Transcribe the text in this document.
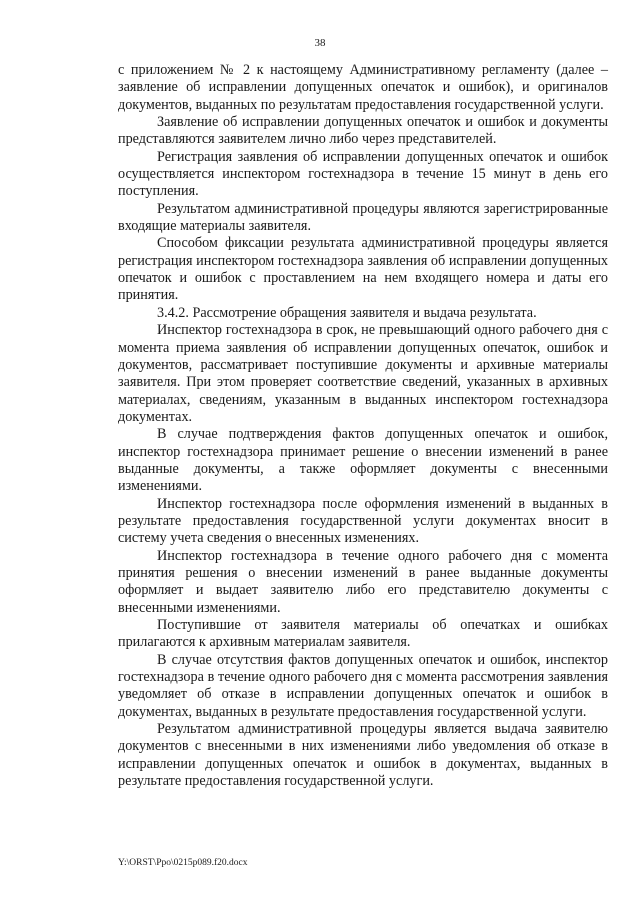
38

с приложением № 2 к настоящему Административному регламенту (далее – заявление об исправлении допущенных опечаток и ошибок), и оригиналов документов, выданных по результатам предоставления государственной услуги.

Заявление об исправлении допущенных опечаток и ошибок и документы представляются заявителем лично либо через представителей.

Регистрация заявления об исправлении допущенных опечаток и ошибок осуществляется инспектором гостехнадзора в течение 15 минут в день его поступления.

Результатом административной процедуры являются зарегистрированные входящие материалы заявителя.

Способом фиксации результата административной процедуры является регистрация инспектором гостехнадзора заявления об исправлении допущенных опечаток и ошибок с проставлением на нем входящего номера и даты его принятия.

3.4.2. Рассмотрение обращения заявителя и выдача результата.

Инспектор гостехнадзора в срок, не превышающий одного рабочего дня с момента приема заявления об исправлении допущенных опечаток, ошибок и документов, рассматривает поступившие документы и архивные материалы заявителя. При этом проверяет соответствие сведений, указанных в архивных материалах, сведениям, указанным в выданных инспектором гостехнадзора документах.

В случае подтверждения фактов допущенных опечаток и ошибок, инспектор гостехнадзора принимает решение о внесении изменений в ранее выданные документы, а также оформляет документы с внесенными изменениями.

Инспектор гостехнадзора после оформления изменений в выданных в результате предоставления государственной услуги документах вносит в систему учета сведения о внесенных изменениях.

Инспектор гостехнадзора в течение одного рабочего дня с момента принятия решения о внесении изменений в ранее выданные документы оформляет и выдает заявителю либо его представителю документы с внесенными изменениями.

Поступившие от заявителя материалы об опечатках и ошибках прилагаются к архивным материалам заявителя.

В случае отсутствия фактов допущенных опечаток и ошибок, инспектор гостехнадзора в течение одного рабочего дня с момента рассмотрения заявления уведомляет об отказе в исправлении допущенных опечаток и ошибок в документах, выданных в результате предоставления государственной услуги.

Результатом административной процедуры является выдача заявителю документов с внесенными в них изменениями либо уведомления об отказе в исправлении допущенных опечаток и ошибок в документах, выданных в результате предоставления государственной услуги.

Y:\ORST\Ppo\0215p089.f20.docx
